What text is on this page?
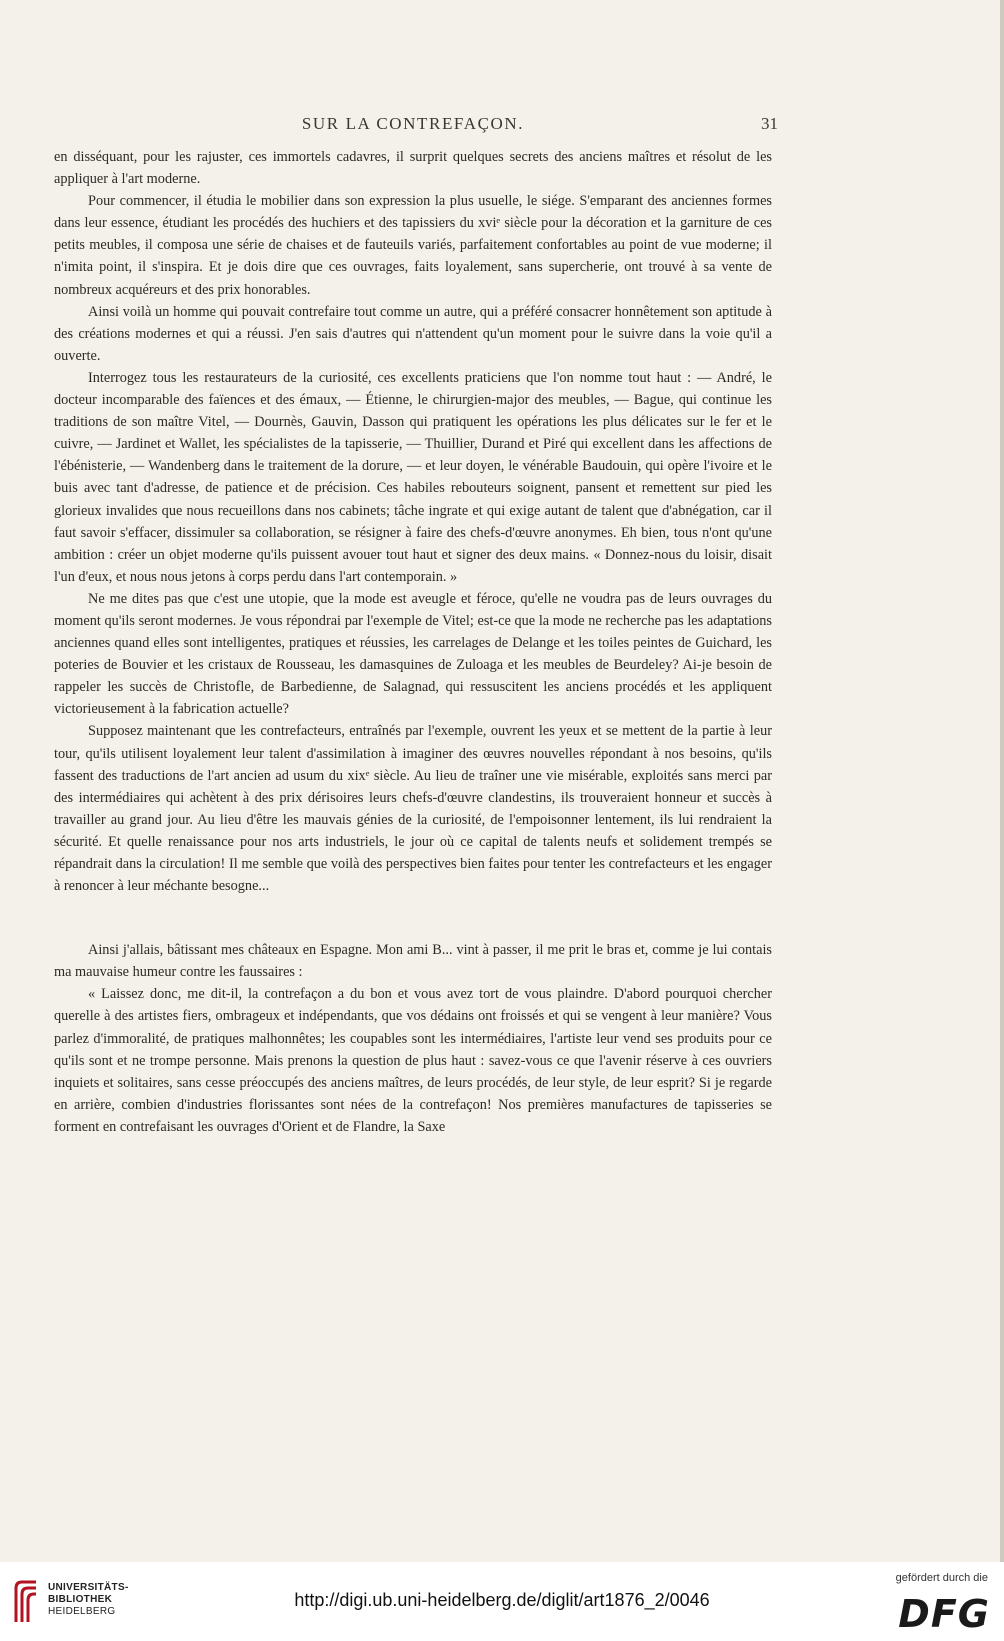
SUR LA CONTREFAÇON.	31

en disséquant, pour les rajuster, ces immortels cadavres, il surprit quelques secrets des anciens maîtres et résolut de les appliquer à l'art moderne.

Pour commencer, il étudia le mobilier dans son expression la plus usuelle, le siége. S'emparant des anciennes formes dans leur essence, étudiant les procédés des huchiers et des tapissiers du xviᵉ siècle pour la décoration et la garniture de ces petits meubles, il composa une série de chaises et de fauteuils variés, parfaitement confortables au point de vue moderne; il n'imita point, il s'inspira. Et je dois dire que ces ouvrages, faits loyalement, sans supercherie, ont trouvé à sa vente de nombreux acquéreurs et des prix honorables.

Ainsi voilà un homme qui pouvait contrefaire tout comme un autre, qui a préféré consacrer honnêtement son aptitude à des créations modernes et qui a réussi. J'en sais d'autres qui n'attendent qu'un moment pour le suivre dans la voie qu'il a ouverte.

Interrogez tous les restaurateurs de la curiosité, ces excellents praticiens que l'on nomme tout haut : — André, le docteur incomparable des faïences et des émaux, — Étienne, le chirurgien-major des meubles, — Bague, qui continue les traditions de son maître Vitel, — Dournès, Gauvin, Dasson qui pratiquent les opérations les plus délicates sur le fer et le cuivre, — Jardinet et Wallet, les spécialistes de la tapisserie, — Thuillier, Durand et Piré qui excellent dans les affections de l'ébénisterie, — Wandenberg dans le traitement de la dorure, — et leur doyen, le vénérable Baudouin, qui opère l'ivoire et le buis avec tant d'adresse, de patience et de précision. Ces habiles rebouteurs soignent, pansent et remettent sur pied les glorieux invalides que nous recueillons dans nos cabinets; tâche ingrate et qui exige autant de talent que d'abnégation, car il faut savoir s'effacer, dissimuler sa collaboration, se résigner à faire des chefs-d'œuvre anonymes. Eh bien, tous n'ont qu'une ambition : créer un objet moderne qu'ils puissent avouer tout haut et signer des deux mains. « Donnez-nous du loisir, disait l'un d'eux, et nous nous jetons à corps perdu dans l'art contemporain. »

Ne me dites pas que c'est une utopie, que la mode est aveugle et féroce, qu'elle ne voudra pas de leurs ouvrages du moment qu'ils seront modernes. Je vous répondrai par l'exemple de Vitel; est-ce que la mode ne recherche pas les adaptations anciennes quand elles sont intelligentes, pratiques et réussies, les carrelages de Delange et les toiles peintes de Guichard, les poteries de Bouvier et les cristaux de Rousseau, les damasquines de Zuloaga et les meubles de Beurdeley? Ai-je besoin de rappeler les succès de Christofle, de Barbedienne, de Salagnad, qui ressuscitent les anciens procédés et les appliquent victorieusement à la fabrication actuelle?

Supposez maintenant que les contrefacteurs, entraînés par l'exemple, ouvrent les yeux et se mettent de la partie à leur tour, qu'ils utilisent loyalement leur talent d'assimilation à imaginer des œuvres nouvelles répondant à nos besoins, qu'ils fassent des traductions de l'art ancien ad usum du xixᵉ siècle. Au lieu de traîner une vie misérable, exploités sans merci par des intermédiaires qui achètent à des prix dérisoires leurs chefs-d'œuvre clandestins, ils trouveraient honneur et succès à travailler au grand jour. Au lieu d'être les mauvais génies de la curiosité, de l'empoisonner lentement, ils lui rendraient la sécurité. Et quelle renaissance pour nos arts industriels, le jour où ce capital de talents neufs et solidement trempés se répandrait dans la circulation! Il me semble que voilà des perspectives bien faites pour tenter les contrefacteurs et les engager à renoncer à leur méchante besogne...

Ainsi j'allais, bâtissant mes châteaux en Espagne. Mon ami B... vint à passer, il me prit le bras et, comme je lui contais ma mauvaise humeur contre les faussaires :

« Laissez donc, me dit-il, la contrefaçon a du bon et vous avez tort de vous plaindre. D'abord pourquoi chercher querelle à des artistes fiers, ombrageux et indépendants, que vos dédains ont froissés et qui se vengent à leur manière? Vous parlez d'immoralité, de pratiques malhonnêtes; les coupables sont les intermédiaires, l'artiste leur vend ses produits pour ce qu'ils sont et ne trompe personne. Mais prenons la question de plus haut : savez-vous ce que l'avenir réserve à ces ouvriers inquiets et solitaires, sans cesse préoccupés des anciens maîtres, de leurs procédés, de leur style, de leur esprit? Si je regarde en arrière, combien d'industries florissantes sont nées de la contrefaçon! Nos premières manufactures de tapisseries se forment en contrefaisant les ouvrages d'Orient et de Flandre, la Saxe

UNIVERSITÄTS-
BIBLIOTHEK
HEIDELBERG
http://digi.ub.uni-heidelberg.de/diglit/art1876_2/0046
gefördert durch die
DFG
